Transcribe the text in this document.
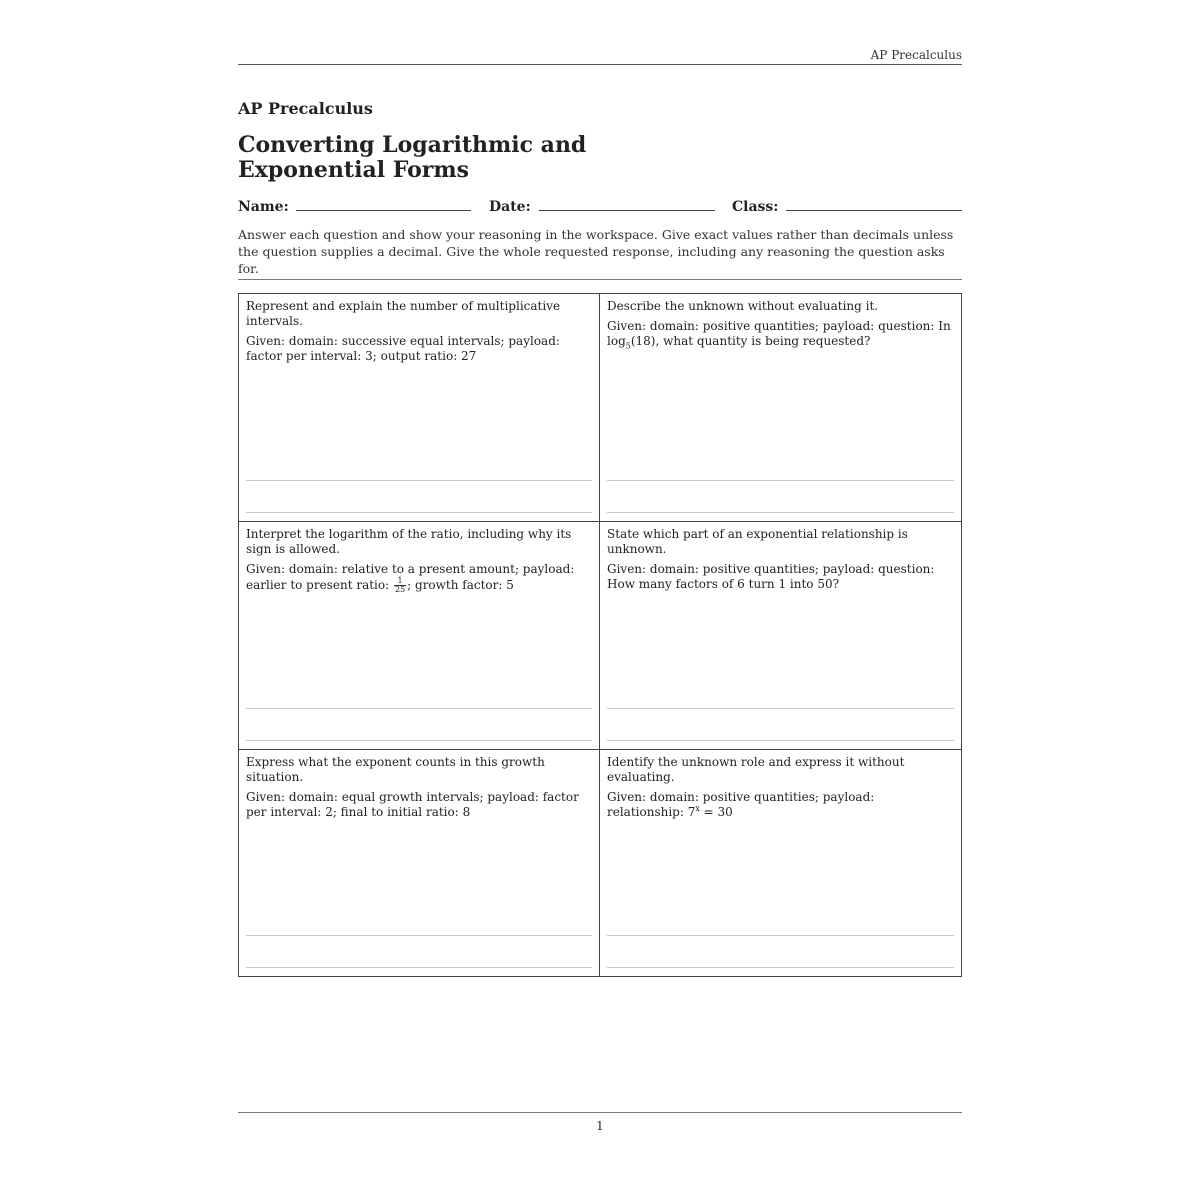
AP Precalculus
AP Precalculus
Converting Logarithmic and Exponential Forms
Name:	Date:	Class:

Answer each question and show your reasoning in the workspace. Give exact values rather than decimals unless the question supplies a decimal. Give the whole requested response, including any reasoning the question asks for.

Represent and explain the number of multiplicative intervals.

Given: domain: successive equal intervals; payload: factor per interval: 3; output ratio: 27

Describe the unknown without evaluating it.

Given: domain: positive quantities; payload: question: In $\log_5(18)$, what quantity is being requested?

Interpret the logarithm of the ratio, including why its sign is allowed.

Given: domain: relative to a present amount; payload: earlier to present ratio: $\frac{1}{25}$ ; growth factor: 5

State which part of an exponential relationship is unknown.

Given: domain: positive quantities; payload: question: How many factors of 6 turn 1 into 50?

Express what the exponent counts in this growth situation.

Given: domain: equal growth intervals; payload: factor per interval: 2; final to initial ratio: 8

Identify the unknown role and express it without evaluating.

Given: domain: positive quantities; payload: relationship: $7^x = 30$

1
